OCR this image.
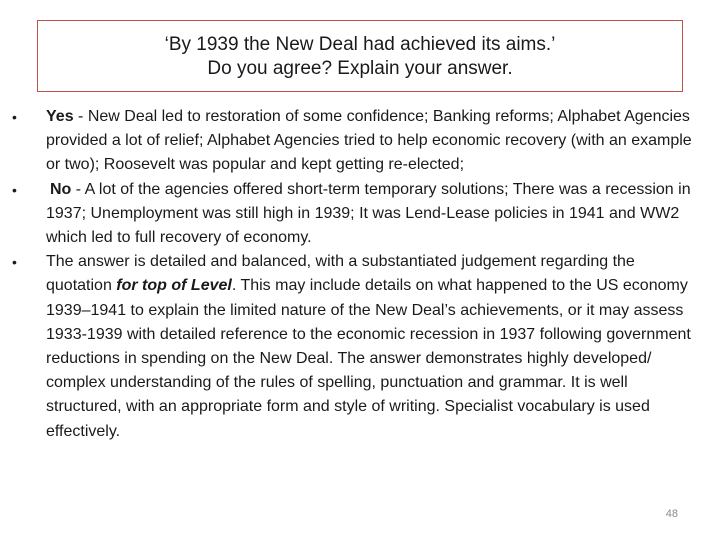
‘By 1939 the New Deal had achieved its aims.’
Do you agree? Explain your answer.
• Yes - New Deal led to restoration of some confidence; Banking reforms; Alphabet Agencies provided a lot of relief; Alphabet Agencies tried to help economic recovery (with an example or two); Roosevelt was popular and kept getting re-elected;
• No - A lot of the agencies offered short-term temporary solutions; There was a recession in 1937; Unemployment was still high in 1939; It was Lend-Lease policies in 1941 and WW2 which led to full recovery of economy.
• The answer is detailed and balanced, with a substantiated judgement regarding the quotation for top of Level. This may include details on what happened to the US economy 1939–1941 to explain the limited nature of the New Deal’s achievements, or it may assess 1933-1939 with detailed reference to the economic recession in 1937 following government reductions in spending on the New Deal. The answer demonstrates highly developed/ complex understanding of the rules of spelling, punctuation and grammar. It is well structured, with an appropriate form and style of writing. Specialist vocabulary is used effectively.
48
